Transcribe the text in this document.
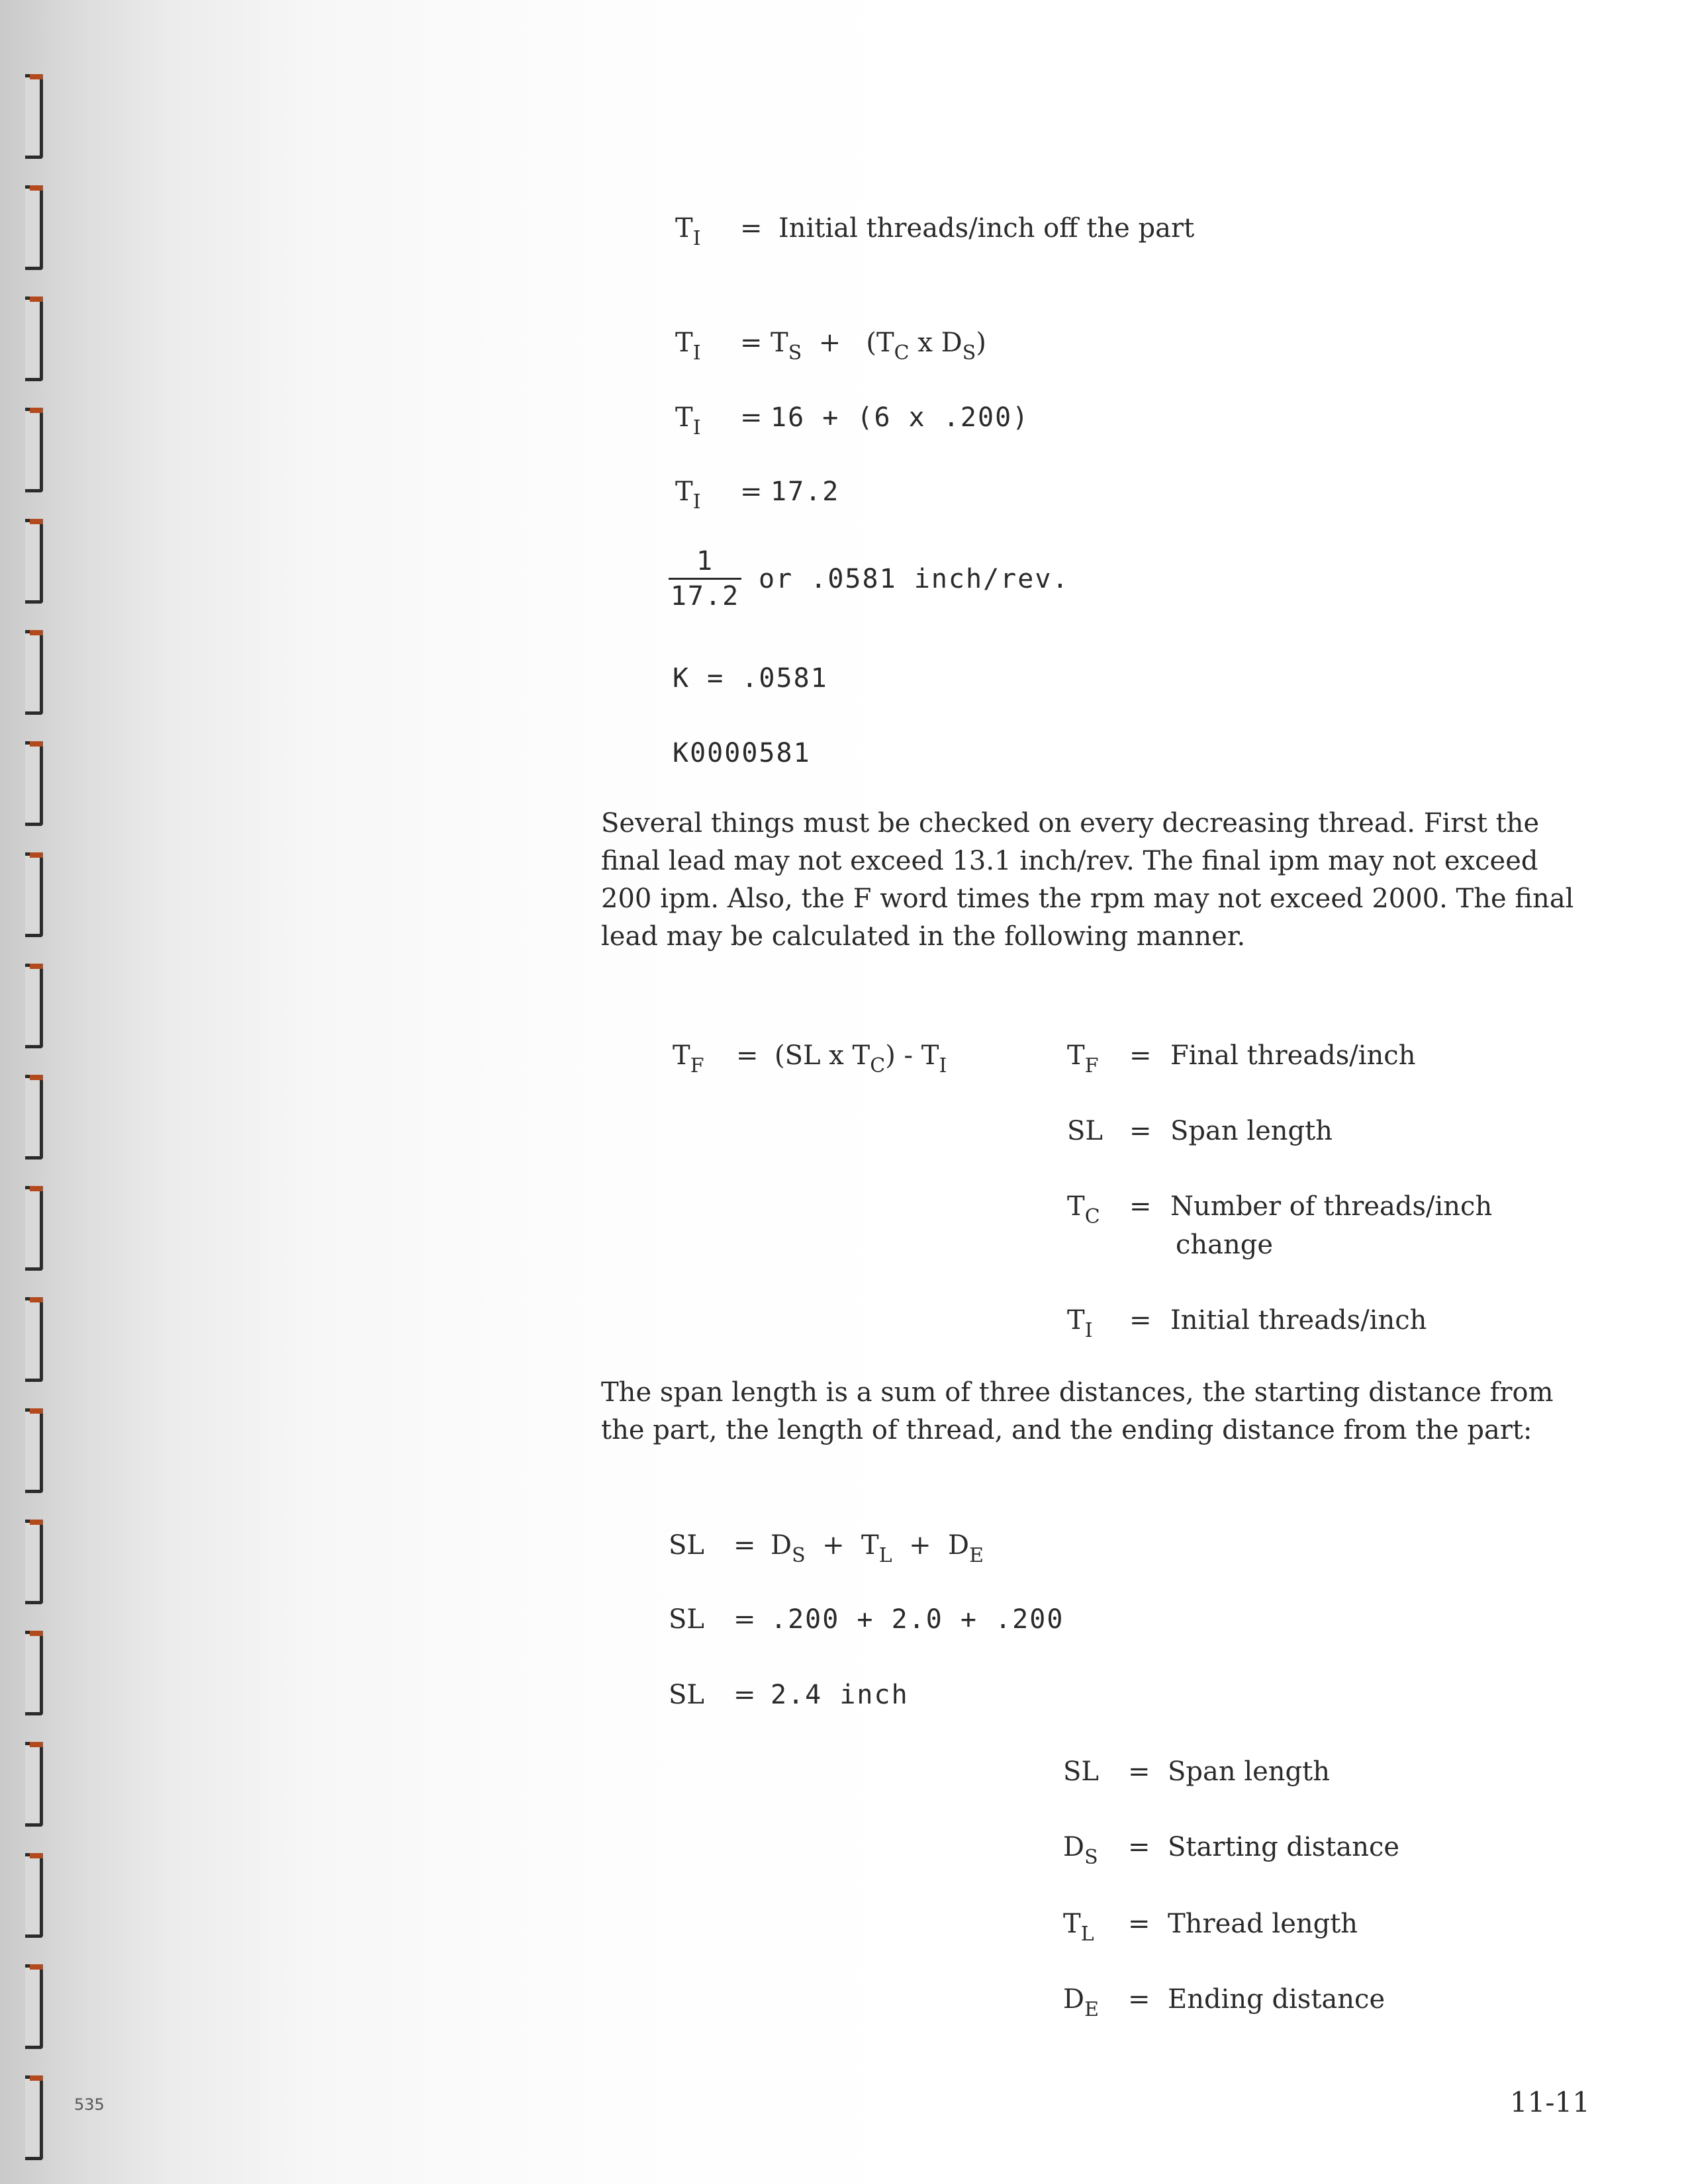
$T_I$ = Initial threads/inch off the part
$T_I = T_S + (T_C$ x $D_S$)
$T_I = 16 + (6$ x .200)
$T_I = 17.2$
$\frac{1}{17.2}$ or .0581 inch/rev.
K = .0581
K0000581

Several things must be checked on every decreasing thread. First the final lead may not exceed 13.1 inch/rev. The final ipm may not exceed 200 ipm. Also, the F word times the rpm may not exceed 2000. The final lead may be calculated in the following manner.

$T_F = (SL$ x $T_C) - T_I$	$T_F$ = Final threads/inch
SL = Span length
$T_C$ = Number of threads/inch
change
$T_I$ = Initial threads/inch

The span length is a sum of three distances, the starting distance from the part, the length of thread, and the ending distance from the part:

SL = $D_S + T_L + D_E$
SL = .200 + 2.0 + .200
SL = 2.4 inch
SL = Span length
$D_S$ = Starting distance
$T_L$ = Thread length
$D_E$ = Ending distance
535	11-11
